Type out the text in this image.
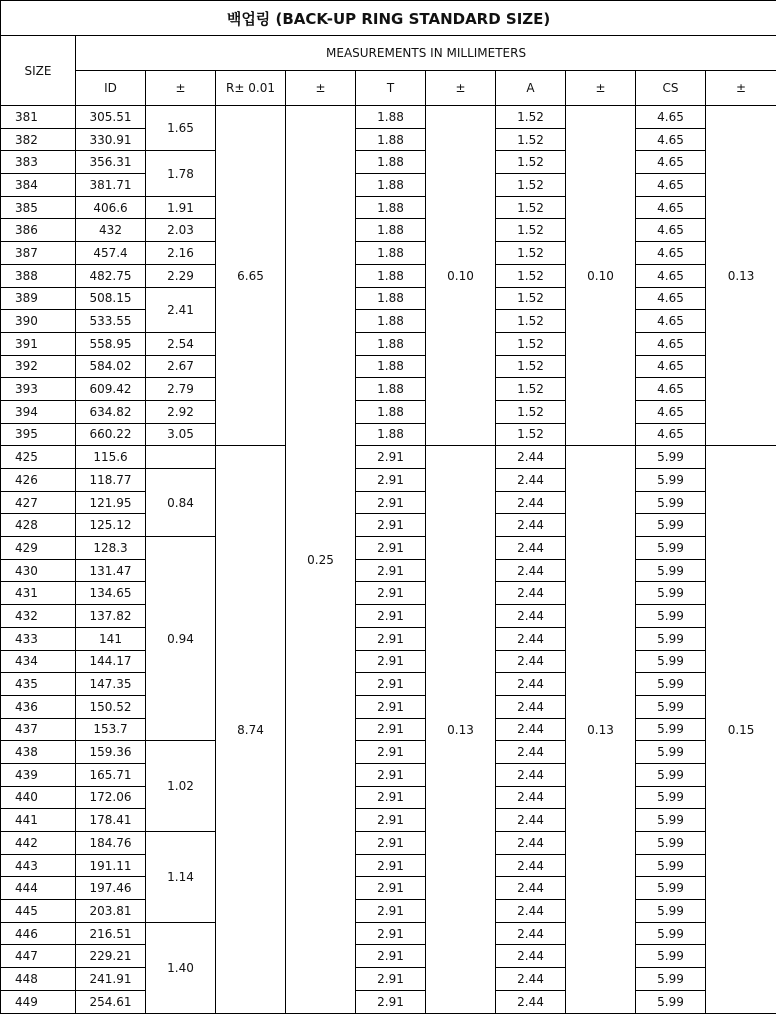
백업링 (BACK-UP RING STANDARD SIZE)										
SIZE	MEASUREMENTS IN MILLIMETERS									
	ID	±	R± 0.01	±	T	±	A	±	CS	±
381	305.51	1.65	6.65	0.25	1.88	0.10	1.52	0.10	4.65	0.13
382	330.91				1.88		1.52		4.65	
383	356.31	1.78			1.88		1.52		4.65	
384	381.71				1.88		1.52		4.65	
385	406.6	1.91			1.88		1.52		4.65	
386	432	2.03			1.88		1.52		4.65	
387	457.4	2.16			1.88		1.52		4.65	
388	482.75	2.29			1.88		1.52		4.65	
389	508.15	2.41			1.88		1.52		4.65	
390	533.55				1.88		1.52		4.65	
391	558.95	2.54			1.88		1.52		4.65	
392	584.02	2.67			1.88		1.52		4.65	
393	609.42	2.79			1.88		1.52		4.65	
394	634.82	2.92			1.88		1.52		4.65	
395	660.22	3.05			1.88		1.52		4.65	
425	115.6		8.74		2.91	0.13	2.44	0.13	5.99	0.15
426	118.77	0.84			2.91		2.44		5.99	
427	121.95				2.91		2.44		5.99	
428	125.12				2.91		2.44		5.99	
429	128.3	0.94			2.91		2.44		5.99	
430	131.47				2.91		2.44		5.99	
431	134.65				2.91		2.44		5.99	
432	137.82				2.91		2.44		5.99	
433	141				2.91		2.44		5.99	
434	144.17				2.91		2.44		5.99	
435	147.35				2.91		2.44		5.99	
436	150.52				2.91		2.44		5.99	
437	153.7				2.91		2.44		5.99	
438	159.36	1.02			2.91		2.44		5.99	
439	165.71				2.91		2.44		5.99	
440	172.06				2.91		2.44		5.99	
441	178.41				2.91		2.44		5.99	
442	184.76	1.14			2.91		2.44		5.99	
443	191.11				2.91		2.44		5.99	
444	197.46				2.91		2.44		5.99	
445	203.81				2.91		2.44		5.99	
446	216.51	1.40			2.91		2.44		5.99	
447	229.21				2.91		2.44		5.99	
448	241.91				2.91		2.44		5.99	
449	254.61				2.91		2.44		5.99	
